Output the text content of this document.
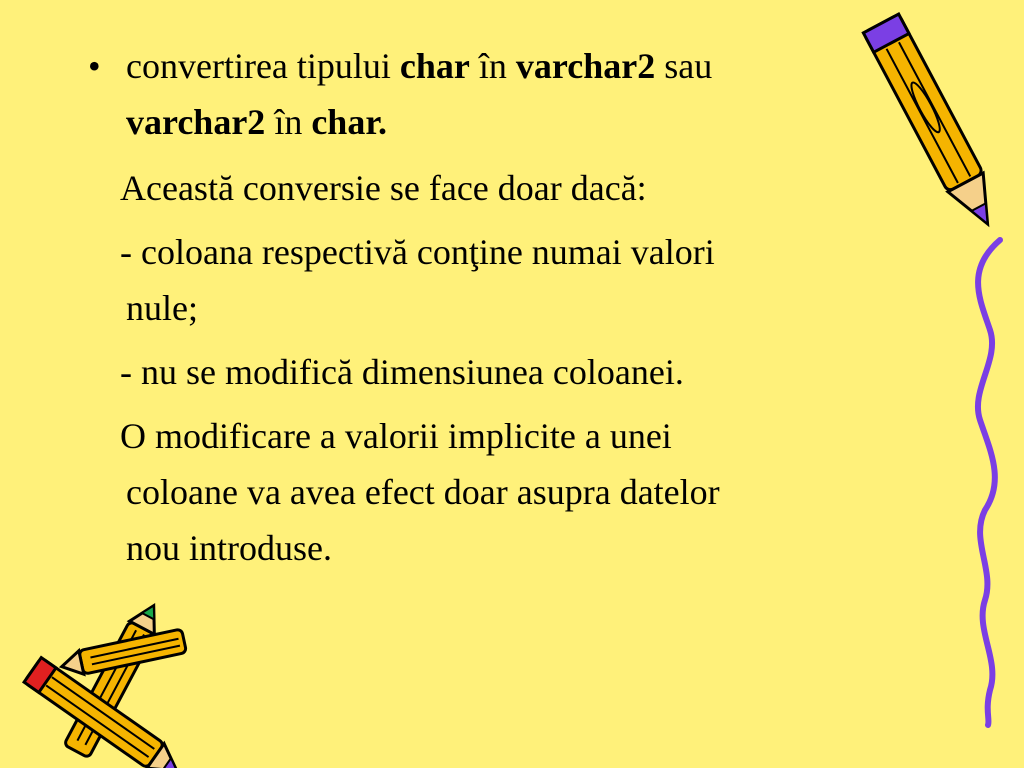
• convertirea tipului char în varchar2 sau
varchar2 în char.
Această conversie se face doar dacă:
- coloana respectivă conţine numai valori
nule;
- nu se modifică dimensiunea coloanei.
O modificare a valorii implicite a unei
coloane va avea efect doar asupra datelor
nou introduse.
